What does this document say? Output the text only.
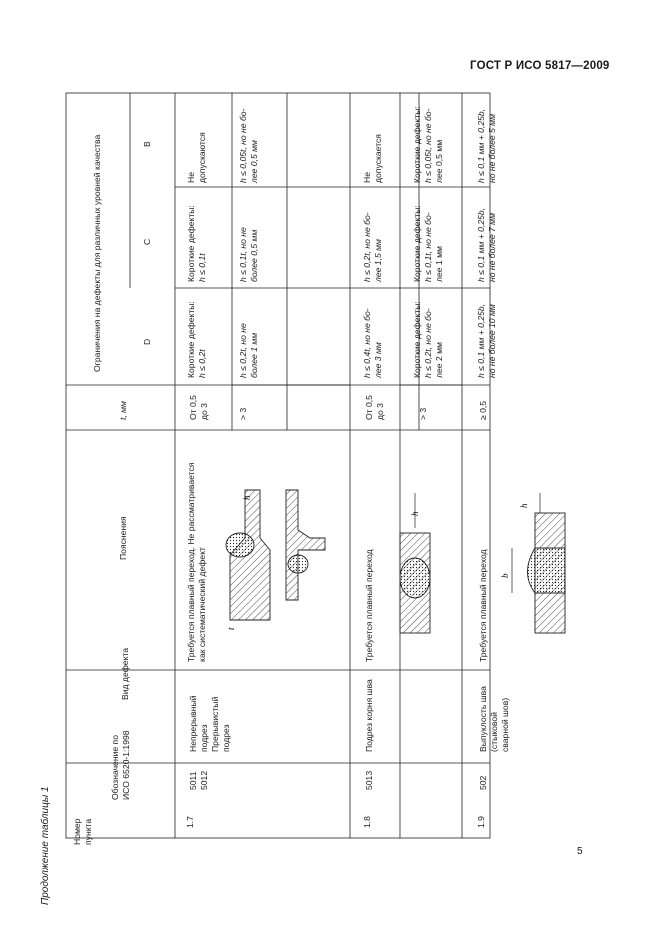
ГОСТ Р ИСО 5817—2009
5
Продолжение таблицы 1
t
h
h
b
h
Номер пункта
Обозначение по ИСО 6520-1:1998
Вид дефекта
Пояснения
t, мм
Ограничения на дефекты для различных уровней качества	D
C
B
1.7
5011 5012
Непрерывный подрез Прерывистый подрез
Требуется плавный переход. Не рассматривается как систематический дефект
От 0,5 до 3
Короткие дефекты: h ≤ 0,2t
Короткие дефекты: h ≤ 0,1t
Не допускаются
> 3
h ≤ 0,2t, но не более 1 мм
h ≤ 0,1t, но не более 0,5 мм
h ≤ 0,05t, но не бо- лее 0,5 мм
1.8
5013
Подрез корня шва
Требуется плавный переход
От 0,5 до 3
h ≤ 0,4t, но не бо- лее 3 мм
h ≤ 0,2t, но не бо- лее 1,5 мм
Не допускается
> 3
Короткие дефекты: h ≤ 0,2t, но не бо- лее 2 мм
Короткие дефекты: h ≤ 0,1t, но не бо- лее 1 мм
Короткие дефекты: h ≤ 0,05t, но не бо- лее 0,5 мм
1.9
502
Выпуклость шва (стыковой сварной шов)
Требуется плавный переход
≥ 0,5
h ≤ 0,1 мм + 0,25b, но не более 10 мм
h ≤ 0,1 мм + 0,25b, но не более 7 мм
h ≤ 0,1 мм + 0,25b, но не более 5 мм
